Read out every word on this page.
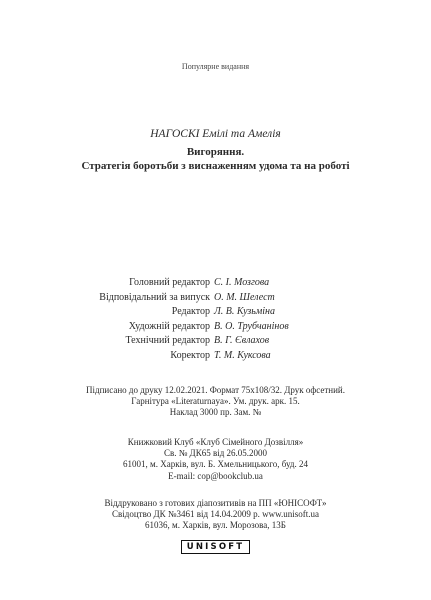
Популярне видання
НАГОСКІ Емілі та Амелія
Вигоряння.
Стратегія боротьби з виснаженням удома та на роботі
Головний редактор С. І. Мозгова
Відповідальний за випуск О. М. Шелест
Редактор Л. В. Кузьміна
Художній редактор В. О. Трубчанінов
Технічний редактор В. Г. Євлахов
Коректор Т. М. Куксова
Підписано до друку 12.02.2021. Формат 75х108/32. Друк офсетний.
Гарнітура «Literaturnaya». Ум. друк. арк. 15.
Наклад 3000 пр. Зам. №
Книжковий Клуб «Клуб Сімейного Дозвілля»
Св. № ДК65 від 26.05.2000
61001, м. Харків, вул. Б. Хмельницького, буд. 24
E-mail: cop@bookclub.ua
Віддруковано з готових діапозитивів на ПП «ЮНІСОФТ»
Свідоцтво ДК №3461 від 14.04.2009 р. www.unisoft.ua
61036, м. Харків, вул. Морозова, 13Б
UNISOFT
